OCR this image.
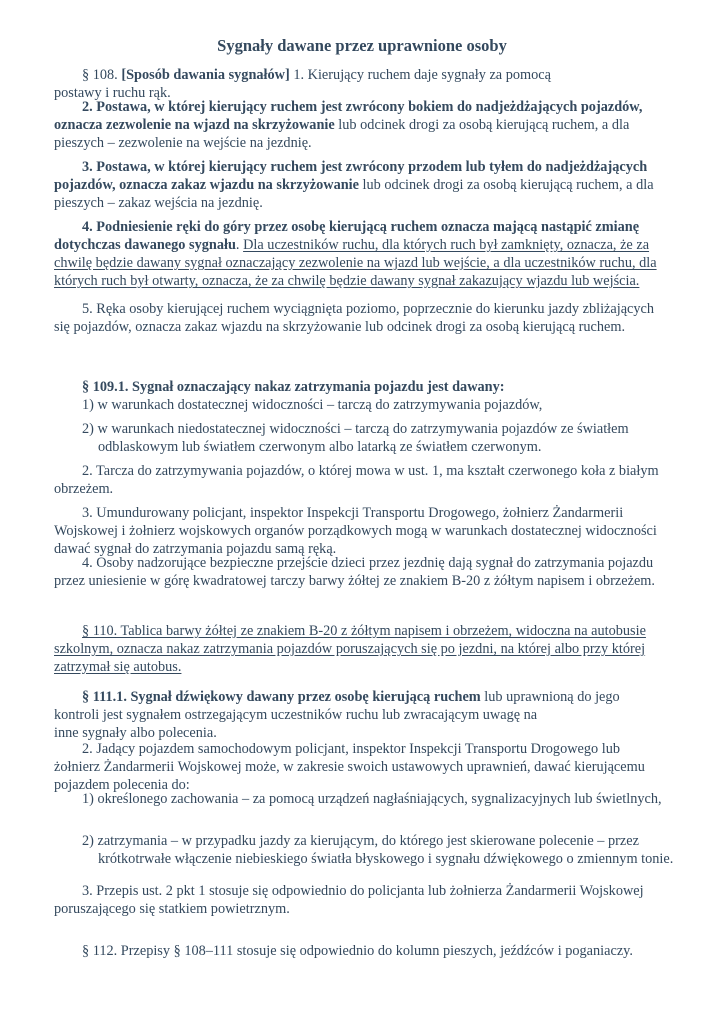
Sygnały dawane przez uprawnione osoby

§ 108. [Sposób dawania sygnałów] 1. Kierujący ruchem daje sygnały za pomocą
postawy i ruchu rąk.

2. Postawa, w której kierujący ruchem jest zwrócony bokiem do nadjeżdżających pojazdów, oznacza zezwolenie na wjazd na skrzyżowanie lub odcinek drogi za osobą kierującą ruchem, a dla pieszych – zezwolenie na wejście na jezdnię.

3. Postawa, w której kierujący ruchem jest zwrócony przodem lub tyłem do nadjeżdżających pojazdów, oznacza zakaz wjazdu na skrzyżowanie lub odcinek drogi za osobą kierującą ruchem, a dla pieszych – zakaz wejścia na jezdnię.

4. Podniesienie ręki do góry przez osobę kierującą ruchem oznacza mającą nastąpić zmianę dotychczas dawanego sygnału. Dla uczestników ruchu, dla których ruch był zamknięty, oznacza, że za chwilę będzie dawany sygnał oznaczający zezwolenie na wjazd lub wejście, a dla uczestników ruchu, dla których ruch był otwarty, oznacza, że za chwilę będzie dawany sygnał zakazujący wjazdu lub wejścia.

5. Ręka osoby kierującej ruchem wyciągnięta poziomo, poprzecznie do kierunku jazdy zbliżających się pojazdów, oznacza zakaz wjazdu na skrzyżowanie lub odcinek drogi za osobą kierującą ruchem.

§ 109.1. Sygnał oznaczający nakaz zatrzymania pojazdu jest dawany:

1) w warunkach dostatecznej widoczności – tarczą do zatrzymywania pojazdów,

2) w warunkach niedostatecznej widoczności – tarczą do zatrzymywania pojazdów ze światłem odblaskowym lub światłem czerwonym albo latarką ze światłem czerwonym.

2. Tarcza do zatrzymywania pojazdów, o której mowa w ust. 1, ma kształt czerwonego koła z białym obrzeżem.

3. Umundurowany policjant, inspektor Inspekcji Transportu Drogowego, żołnierz Żandarmerii Wojskowej i żołnierz wojskowych organów porządkowych mogą w warunkach dostatecznej widoczności dawać sygnał do zatrzymania pojazdu samą ręką.

4. Osoby nadzorujące bezpieczne przejście dzieci przez jezdnię dają sygnał do zatrzymania pojazdu przez uniesienie w górę kwadratowej tarczy barwy żółtej ze znakiem B-20 z żółtym napisem i obrzeżem.

§ 110. Tablica barwy żółtej ze znakiem B-20 z żółtym napisem i obrzeżem, widoczna na autobusie szkolnym, oznacza nakaz zatrzymania pojazdów poruszających się po jezdni, na której albo przy której zatrzymał się autobus.

§ 111.1. Sygnał dźwiękowy dawany przez osobę kierującą ruchem lub uprawnioną do jego kontroli jest sygnałem ostrzegającym uczestników ruchu lub zwracającym uwagę na
inne sygnały albo polecenia.

2. Jadący pojazdem samochodowym policjant, inspektor Inspekcji Transportu Drogowego lub żołnierz Żandarmerii Wojskowej może, w zakresie swoich ustawowych uprawnień, dawać kierującemu pojazdem polecenia do:

1) określonego zachowania – za pomocą urządzeń nagłaśniających, sygnalizacyjnych lub świetlnych,

2) zatrzymania – w przypadku jazdy za kierującym, do którego jest skierowane polecenie – przez krótkotrwałe włączenie niebieskiego światła błyskowego i sygnału dźwiękowego o zmiennym tonie.

3. Przepis ust. 2 pkt 1 stosuje się odpowiednio do policjanta lub żołnierza Żandarmerii Wojskowej poruszającego się statkiem powietrznym.

§ 112. Przepisy § 108–111 stosuje się odpowiednio do kolumn pieszych, jeźdźców i poganiaczy.
